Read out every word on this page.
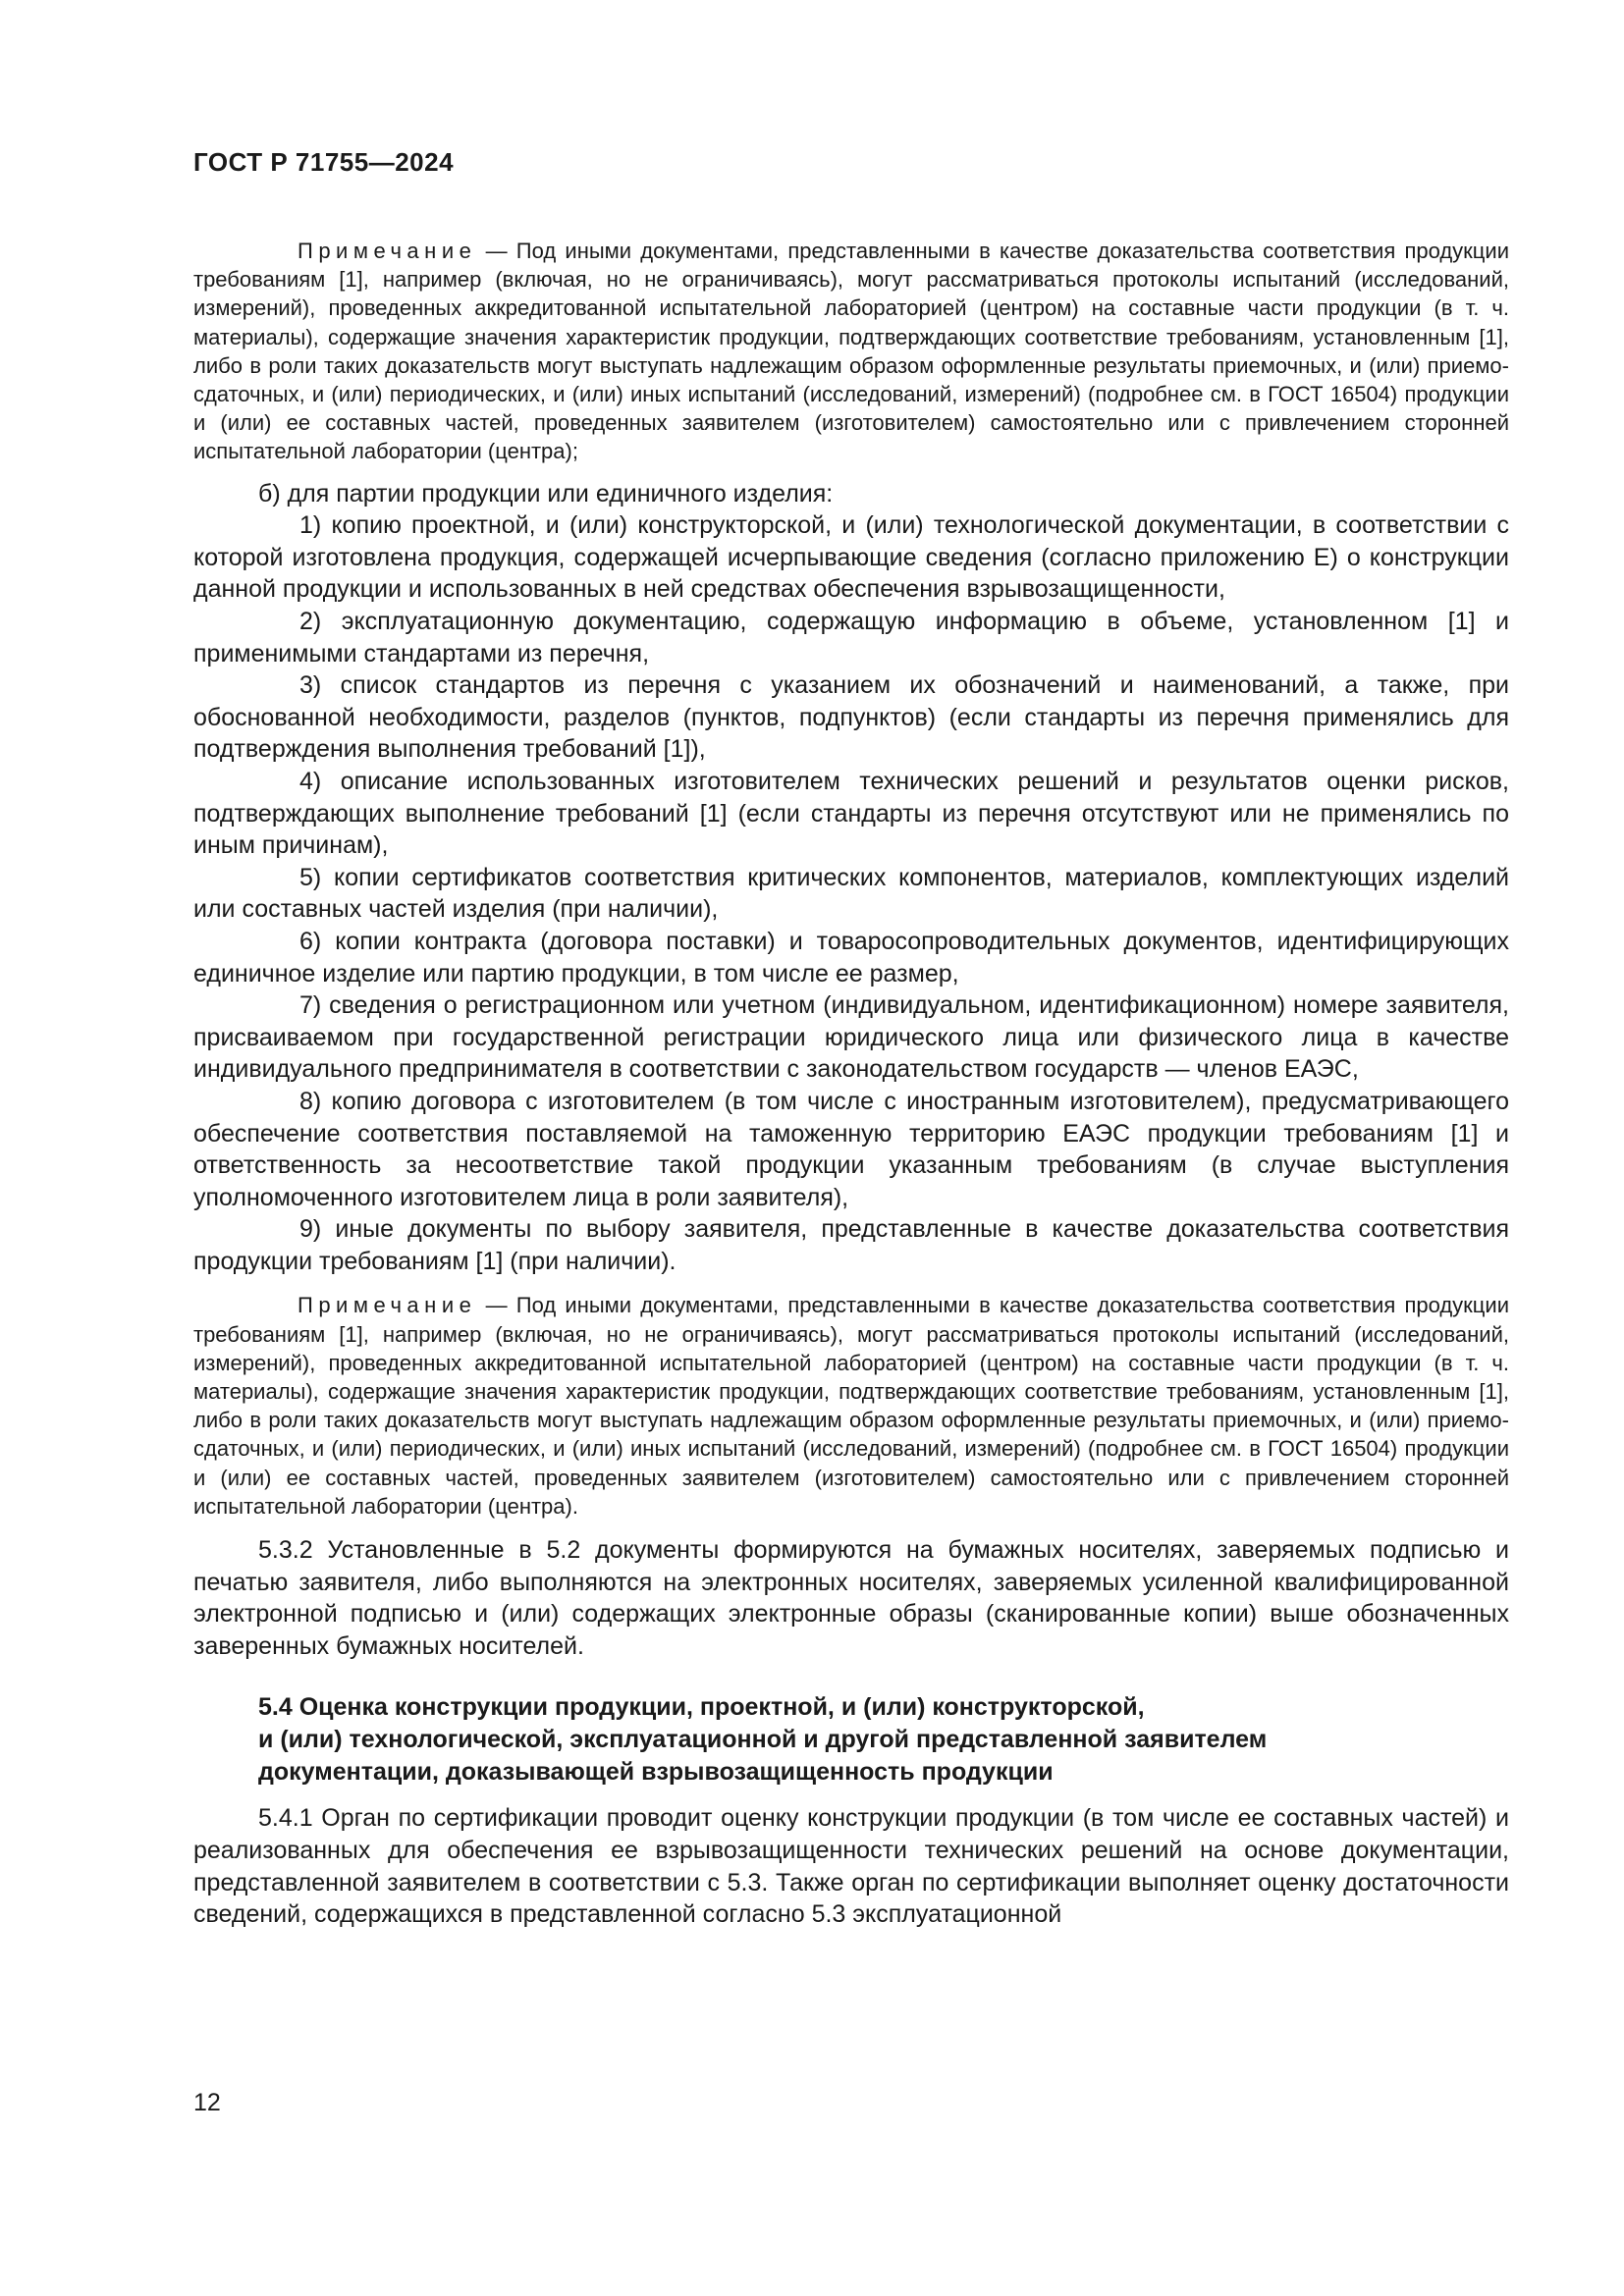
ГОСТ Р 71755—2024

Примечание — Под иными документами, представленными в качестве доказательства соответствия продукции требованиям [1], например (включая, но не ограничиваясь), могут рассматриваться протоколы испытаний (исследований, измерений), проведенных аккредитованной испытательной лабораторией (центром) на составные части продукции (в т. ч. материалы), содержащие значения характеристик продукции, подтверждающих соответствие требованиям, установленным [1], либо в роли таких доказательств могут выступать надлежащим образом оформленные результаты приемочных, и (или) приемо-сдаточных, и (или) периодических, и (или) иных испытаний (исследований, измерений) (подробнее см. в ГОСТ 16504) продукции и (или) ее составных частей, проведенных заявителем (изготовителем) самостоятельно или с привлечением сторонней испытательной лаборатории (центра);

б) для партии продукции или единичного изделия:

1) копию проектной, и (или) конструкторской, и (или) технологической документации, в соответствии с которой изготовлена продукция, содержащей исчерпывающие сведения (согласно приложению Е) о конструкции данной продукции и использованных в ней средствах обеспечения взрывозащищенности,

2) эксплуатационную документацию, содержащую информацию в объеме, установленном [1] и применимыми стандартами из перечня,

3) список стандартов из перечня с указанием их обозначений и наименований, а также, при обоснованной необходимости, разделов (пунктов, подпунктов) (если стандарты из перечня применялись для подтверждения выполнения требований [1]),

4) описание использованных изготовителем технических решений и результатов оценки рисков, подтверждающих выполнение требований [1] (если стандарты из перечня отсутствуют или не применялись по иным причинам),

5) копии сертификатов соответствия критических компонентов, материалов, комплектующих изделий или составных частей изделия (при наличии),

6) копии контракта (договора поставки) и товаросопроводительных документов, идентифицирующих единичное изделие или партию продукции, в том числе ее размер,

7) сведения о регистрационном или учетном (индивидуальном, идентификационном) номере заявителя, присваиваемом при государственной регистрации юридического лица или физического лица в качестве индивидуального предпринимателя в соответствии с законодательством государств — членов ЕАЭС,

8) копию договора с изготовителем (в том числе с иностранным изготовителем), предусматривающего обеспечение соответствия поставляемой на таможенную территорию ЕАЭС продукции требованиям [1] и ответственность за несоответствие такой продукции указанным требованиям (в случае выступления уполномоченного изготовителем лица в роли заявителя),

9) иные документы по выбору заявителя, представленные в качестве доказательства соответствия продукции требованиям [1] (при наличии).

Примечание — Под иными документами, представленными в качестве доказательства соответствия продукции требованиям [1], например (включая, но не ограничиваясь), могут рассматриваться протоколы испытаний (исследований, измерений), проведенных аккредитованной испытательной лабораторией (центром) на составные части продукции (в т. ч. материалы), содержащие значения характеристик продукции, подтверждающих соответствие требованиям, установленным [1], либо в роли таких доказательств могут выступать надлежащим образом оформленные результаты приемочных, и (или) приемо-сдаточных, и (или) периодических, и (или) иных испытаний (исследований, измерений) (подробнее см. в ГОСТ 16504) продукции и (или) ее составных частей, проведенных заявителем (изготовителем) самостоятельно или с привлечением сторонней испытательной лаборатории (центра).

5.3.2 Установленные в 5.2 документы формируются на бумажных носителях, заверяемых подписью и печатью заявителя, либо выполняются на электронных носителях, заверяемых усиленной квалифицированной электронной подписью и (или) содержащих электронные образы (сканированные копии) выше обозначенных заверенных бумажных носителей.

5.4 Оценка конструкции продукции, проектной, и (или) конструкторской,
и (или) технологической, эксплуатационной и другой представленной заявителем
документации, доказывающей взрывозащищенность продукции

5.4.1 Орган по сертификации проводит оценку конструкции продукции (в том числе ее составных частей) и реализованных для обеспечения ее взрывозащищенности технических решений на основе документации, представленной заявителем в соответствии с 5.3. Также орган по сертификации выполняет оценку достаточности сведений, содержащихся в представленной согласно 5.3 эксплуатационной

12
